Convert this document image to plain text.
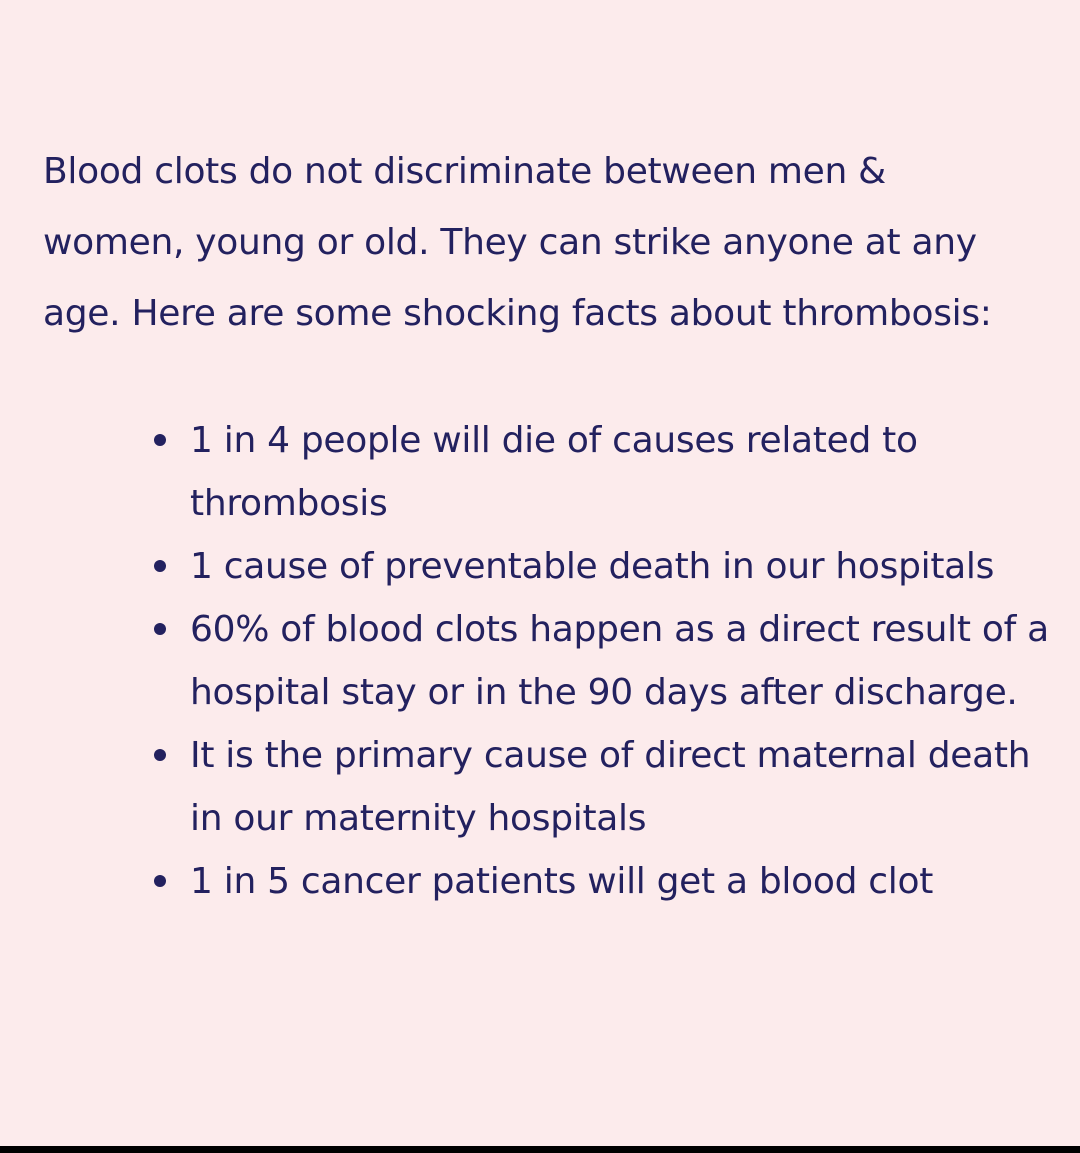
Blood clots do not discriminate between men & women, young or old. They can strike anyone at any age. Here are some shocking facts about thrombosis:

1 in 4 people will die of causes related to thrombosis
1 cause of preventable death in our hospitals
60% of blood clots happen as a direct result of a hospital stay or in the 90 days after discharge.
It is the primary cause of direct maternal death in our maternity hospitals
1 in 5 cancer patients will get a blood clot
